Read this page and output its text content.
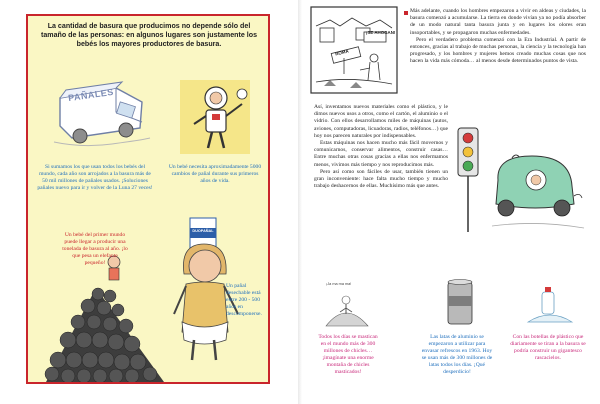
La cantidad de basura que producimos no depende sólo del tamaño de las personas: en algunos lugares son justamente los bebés los mayores productores de basura.
PAÑALES
Si sumamos los que usan todos los bebés del mundo, cada año son arrojados a la basura más de 50 mil millones de pañales usados. ¡Soluciones pañales nuevo para ir y volver de la Luna 27 veces!
Un bebé necesita aproximadamente 5000 cambios de pañal durante sus primeros años de vida.
Un bebé del primer mundo puede llegar a producir una tonelada de basura al año. ¡lo que pesa un elefante pequeño!
DUOPAÑAL
Un pañal desechable está entre 200 - 500 años en descomponerse.
ROMA
¡SE AHOGAN!

Más adelante, cuando los hombres empezaron a vivir en aldeas y ciudades, la basura comenzó a acumularse. La tierra en donde vivían ya no podía absorber de un modo natural tanta basura junta y en lugares los olores eran insoportables, y se propagaron muchas enfermedades.

Pero el verdadero problema comenzó con la Era Industrial. A partir de entonces, gracias al trabajo de muchas personas, la ciencia y la tecnología han progresado, y los hombres y mujeres hemos creado muchas cosas que nos hacen la vida más cómoda… al menos desde determinados puntos de vista.

Así, inventamos nuevos materiales como el plástico, y le dimos nuevos usos a otros, como el cartón, el aluminio o el vidrio. Con ellos desarrollamos miles de máquinas (autos, aviones, computadoras, licuadoras, radios, teléfonos…) que hoy nos parecen naturales por indispensables.

Estas máquinas nos hacen mucho más fácil movernos y comunicarnos, conservar alimentos, construir casas… Entre muchas otras cosas gracias a ellas nos enfermamos menos, vivimos más tiempo y nos reproducimos más.

Pero así como son fáciles de usar, también tienen un gran inconveniente: hace falta mucho tiempo y mucho trabajo deshacernos de ellas. Muchísimo más que antes.

¡Ja ma ma ma!
Todos los días se mastican en el mundo más de 300 millones de chicles… ¡imagínate una enorme montaña de chicles masticados!
Las latas de aluminio se empezaron a utilizar para envasar refrescos en 1963. Hoy se usan más de 300 millones de latas todos los días. ¡Qué desperdicio!
Con las botellas de plástico que diariamente se tiran a la basura se podría construir un gigantesco rascacielos.
